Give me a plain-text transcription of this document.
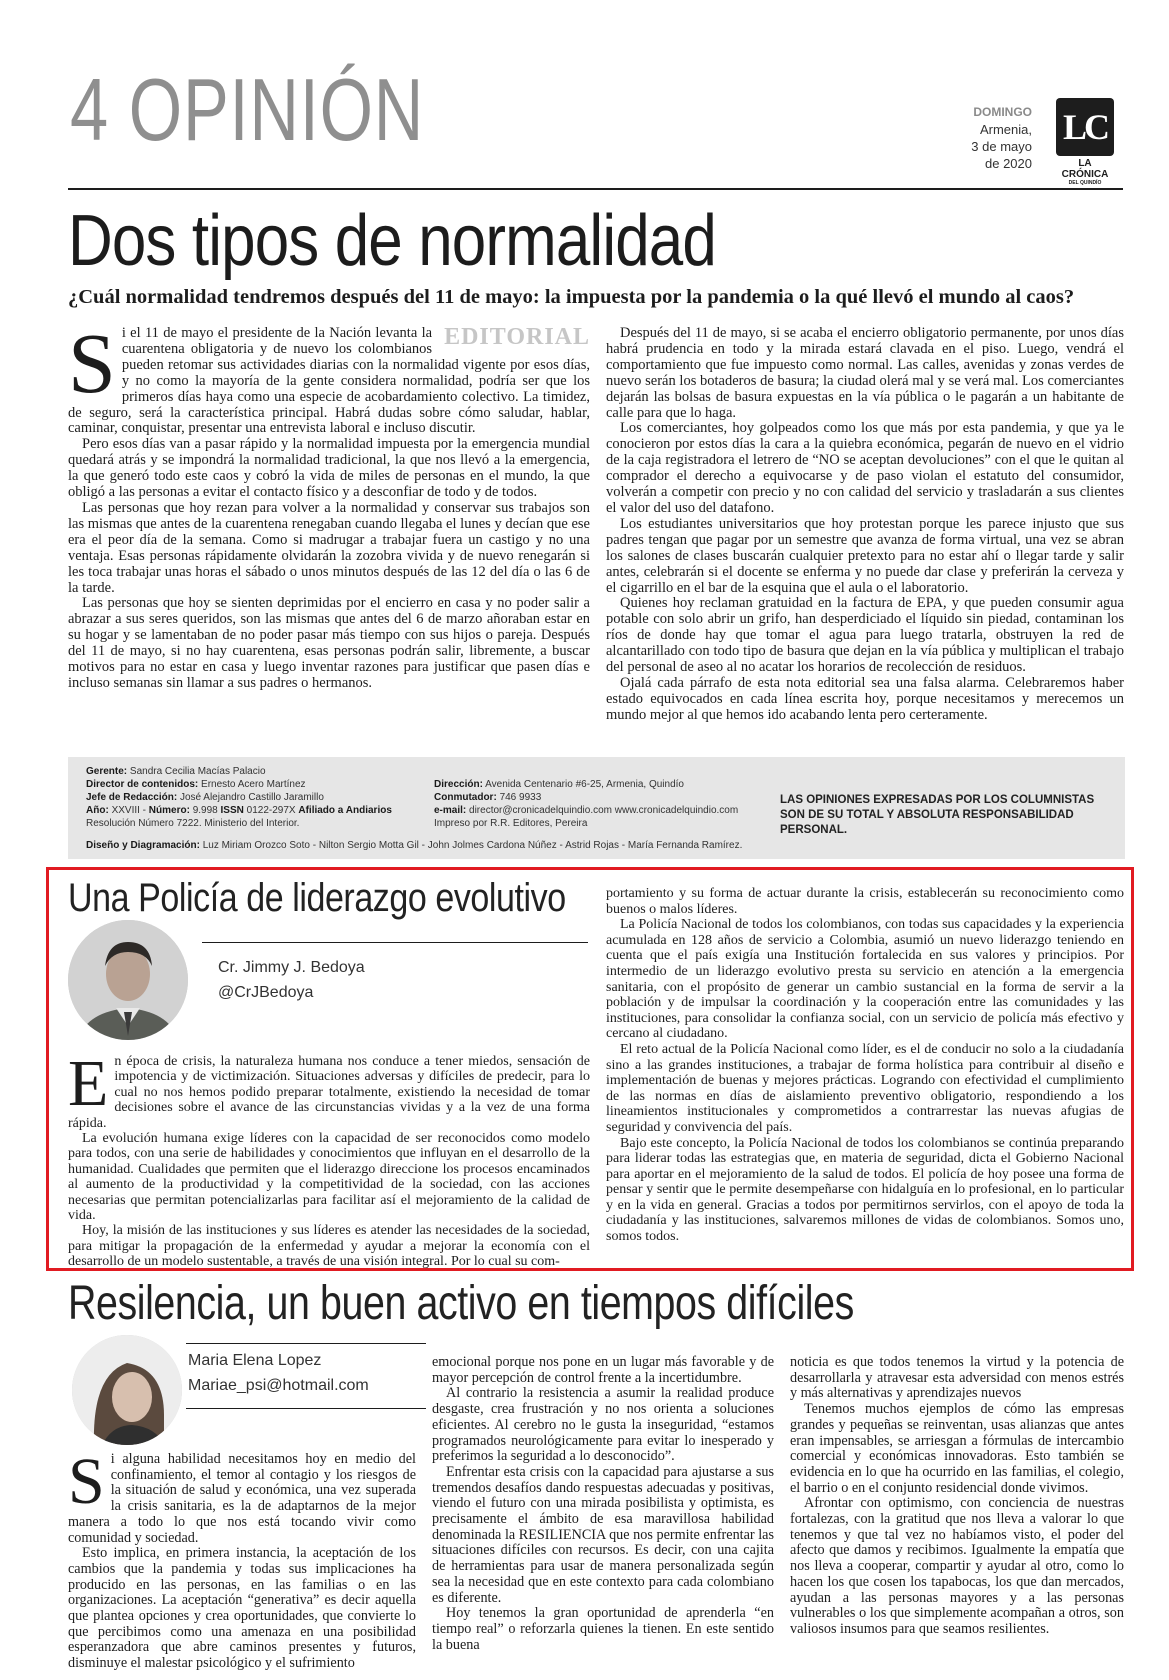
4 OPINIÓN	DOMINGO
Armenia,
3 de mayo
de 2020
LC
LA CRÓNICA
DEL QUINDÍO
Dos tipos de normalidad
¿Cuál normalidad tendremos después del 11 de mayo: la impuesta por la pandemia o la qué llevó el mundo al caos?
EDITORIAL
S i el 11 de mayo el presidente de la Nación levanta la cuarentena obligatoria y de nuevo los colombianos pueden retomar sus actividades diarias con la normalidad vigente por esos días, y no como la mayoría de la gente considera normalidad, podría ser que los primeros días haya como una especie de acobardamiento colectivo. La timidez, de seguro, será la característica principal. Habrá dudas sobre cómo saludar, hablar, caminar, conquistar, presentar una entrevista laboral e incluso discutir.

Pero esos días van a pasar rápido y la normalidad impuesta por la emergencia mundial quedará atrás y se impondrá la normalidad tradicional, la que nos llevó a la emergencia, la que generó todo este caos y cobró la vida de miles de personas en el mundo, la que obligó a las personas a evitar el contacto físico y a desconfiar de todo y de todos.

Las personas que hoy rezan para volver a la normalidad y conservar sus trabajos son las mismas que antes de la cuarentena renegaban cuando llegaba el lunes y decían que ese era el peor día de la semana. Como si madrugar a trabajar fuera un castigo y no una ventaja. Esas personas rápidamente olvidarán la zozobra vivida y de nuevo renegarán si les toca trabajar unas horas el sábado o unos minutos después de las 12 del día o las 6 de la tarde.

Las personas que hoy se sienten deprimidas por el encierro en casa y no poder salir a abrazar a sus seres queridos, son las mismas que antes del 6 de marzo añoraban estar en su hogar y se lamentaban de no poder pasar más tiempo con sus hijos o pareja. Después del 11 de mayo, si no hay cuarentena, esas personas podrán salir, libremente, a buscar motivos para no estar en casa y luego inventar razones para justificar que pasen días e incluso semanas sin llamar a sus padres o hermanos.

Después del 11 de mayo, si se acaba el encierro obligatorio permanente, por unos días habrá prudencia en todo y la mirada estará clavada en el piso. Luego, vendrá el comportamiento que fue impuesto como normal. Las calles, avenidas y zonas verdes de nuevo serán los botaderos de basura; la ciudad olerá mal y se verá mal. Los comerciantes dejarán las bolsas de basura expuestas en la vía pública o le pagarán a un habitante de calle para que lo haga.

Los comerciantes, hoy golpeados como los que más por esta pandemia, y que ya le conocieron por estos días la cara a la quiebra económica, pegarán de nuevo en el vidrio de la caja registradora el letrero de “NO se aceptan devoluciones” con el que le quitan al comprador el derecho a equivocarse y de paso violan el estatuto del consumidor, volverán a competir con precio y no con calidad del servicio y trasladarán a sus clientes el valor del uso del datafono.

Los estudiantes universitarios que hoy protestan porque les parece injusto que sus padres tengan que pagar por un semestre que avanza de forma virtual, una vez se abran los salones de clases buscarán cualquier pretexto para no estar ahí o llegar tarde y salir antes, celebrarán si el docente se enferma y no puede dar clase y preferirán la cerveza y el cigarrillo en el bar de la esquina que el aula o el laboratorio.

Quienes hoy reclaman gratuidad en la factura de EPA, y que pueden consumir agua potable con solo abrir un grifo, han desperdiciado el líquido sin piedad, contaminan los ríos de donde hay que tomar el agua para luego tratarla, obstruyen la red de alcantarillado con todo tipo de basura que dejan en la vía pública y multiplican el trabajo del personal de aseo al no acatar los horarios de recolección de residuos.

Ojalá cada párrafo de esta nota editorial sea una falsa alarma. Celebraremos haber estado equivocados en cada línea escrita hoy, porque necesitamos y merecemos un mundo mejor al que hemos ido acabando lenta pero certeramente.

Gerente: Sandra Cecilia Macías Palacio
Director de contenidos: Ernesto Acero Martínez
Jefe de Redacción: José Alejandro Castillo Jaramillo
Año: XXVIII - Número: 9.998 ISSN 0122-297X Afiliado a Andiarios
Resolución Número 7222. Ministerio del Interior.
Dirección: Avenida Centenario #6-25, Armenia, Quindío
Conmutador: 746 9933
e-mail: director@cronicadelquindio.com www.cronicadelquindio.com
Impreso por R.R. Editores, Pereira
LAS OPINIONES EXPRESADAS POR LOS COLUMNISTAS SON DE SU TOTAL Y ABSOLUTA RESPONSABILIDAD PERSONAL.
Diseño y Diagramación: Luz Miriam Orozco Soto - Nilton Sergio Motta Gil - John Jolmes Cardona Núñez - Astrid Rojas - María Fernanda Ramírez.
Una Policía de liderazgo evolutivo
Cr. Jimmy J. Bedoya
@CrJBedoya
E n época de crisis, la naturaleza humana nos conduce a tener miedos, sensación de impotencia y de victimización. Situaciones adversas y difíciles de predecir, para lo cual no nos hemos podido preparar totalmente, existiendo la necesidad de tomar decisiones sobre el avance de las circunstancias vividas y a la vez de una forma rápida.

La evolución humana exige líderes con la capacidad de ser reconocidos como modelo para todos, con una serie de habilidades y conocimientos que influyan en el desarrollo de la humanidad. Cualidades que permiten que el liderazgo direccione los procesos encaminados al aumento de la productividad y la competitividad de la sociedad, con las acciones necesarias que permitan potencializarlas para facilitar así el mejoramiento de la calidad de vida.

Hoy, la misión de las instituciones y sus líderes es atender las necesidades de la sociedad, para mitigar la propagación de la enfermedad y ayudar a mejorar la economía con el desarrollo de un modelo sustentable, a través de una visión integral. Por lo cual su com-

portamiento y su forma de actuar durante la crisis, establecerán su reconocimiento como buenos o malos líderes.

La Policía Nacional de todos los colombianos, con todas sus capacidades y la experiencia acumulada en 128 años de servicio a Colombia, asumió un nuevo liderazgo teniendo en cuenta que el país exigía una Institución fortalecida en sus valores y principios. Por intermedio de un liderazgo evolutivo presta su servicio en atención a la emergencia sanitaria, con el propósito de generar un cambio sustancial en la forma de servir a la población y de impulsar la coordinación y la cooperación entre las comunidades y las instituciones, para consolidar la confianza social, con un servicio de policía más efectivo y cercano al ciudadano.

El reto actual de la Policía Nacional como líder, es el de conducir no solo a la ciudadanía sino a las grandes instituciones, a trabajar de forma holística para contribuir al diseño e implementación de buenas y mejores prácticas. Logrando con efectividad el cumplimiento de las normas en días de aislamiento preventivo obligatorio, respondiendo a los lineamientos institucionales y comprometidos a contrarrestar las nuevas afugias de seguridad y convivencia del país.

Bajo este concepto, la Policía Nacional de todos los colombianos se continúa preparando para liderar todas las estrategias que, en materia de seguridad, dicta el Gobierno Nacional para aportar en el mejoramiento de la salud de todos. El policía de hoy posee una forma de pensar y sentir que le permite desempeñarse con hidalguía en lo profesional, en lo particular y en la vida en general. Gracias a todos por permitirnos servirlos, con el apoyo de toda la ciudadanía y las instituciones, salvaremos millones de vidas de colombianos. Somos uno, somos todos.

Resilencia, un buen activo en tiempos difíciles
Maria Elena Lopez
Mariae_psi@hotmail.com
S i alguna habilidad necesitamos hoy en medio del confinamiento, el temor al contagio y los riesgos de la situación de salud y económica, una vez superada la crisis sanitaria, es la de adaptarnos de la mejor manera a todo lo que nos está tocando vivir como comunidad y sociedad.

Esto implica, en primera instancia, la aceptación de los cambios que la pandemia y todas sus implicaciones ha producido en las personas, en las familias o en las organizaciones. La aceptación “generativa” es decir aquella que plantea opciones y crea oportunidades, que convierte lo que percibimos como una amenaza en una posibilidad esperanzadora que abre caminos presentes y futuros, disminuye el malestar psicológico y el sufrimiento

emocional porque nos pone en un lugar más favorable y de mayor percepción de control frente a la incertidumbre.

Al contrario la resistencia a asumir la realidad produce desgaste, crea frustración y no nos orienta a soluciones eficientes. Al cerebro no le gusta la inseguridad, “estamos programados neurológicamente para evitar lo inesperado y preferimos la seguridad a lo desconocido”.

Enfrentar esta crisis con la capacidad para ajustarse a sus tremendos desafíos dando respuestas adecuadas y positivas, viendo el futuro con una mirada posibilista y optimista, es precisamente el ámbito de esa maravillosa habilidad denominada la RESILIENCIA que nos permite enfrentar las situaciones difíciles con recursos. Es decir, con una cajita de herramientas para usar de manera personalizada según sea la necesidad que en este contexto para cada colombiano es diferente.

Hoy tenemos la gran oportunidad de aprenderla “en tiempo real” o reforzarla quienes la tienen. En este sentido la buena

noticia es que todos tenemos la virtud y la potencia de desarrollarla y atravesar esta adversidad con menos estrés y más alternativas y aprendizajes nuevos

Tenemos muchos ejemplos de cómo las empresas grandes y pequeñas se reinventan, usas alianzas que antes eran impensables, se arriesgan a fórmulas de intercambio comercial y económicas innovadoras. Esto también se evidencia en lo que ha ocurrido en las familias, el colegio, el barrio o en el conjunto residencial donde vivimos.

Afrontar con optimismo, con conciencia de nuestras fortalezas, con la gratitud que nos lleva a valorar lo que tenemos y que tal vez no habíamos visto, el poder del afecto que damos y recibimos. Igualmente la empatía que nos lleva a cooperar, compartir y ayudar al otro, como lo hacen los que cosen los tapabocas, los que dan mercados, ayudan a las personas mayores y a las personas vulnerables o los que simplemente acompañan a otros, son valiosos insumos para que seamos resilientes.
